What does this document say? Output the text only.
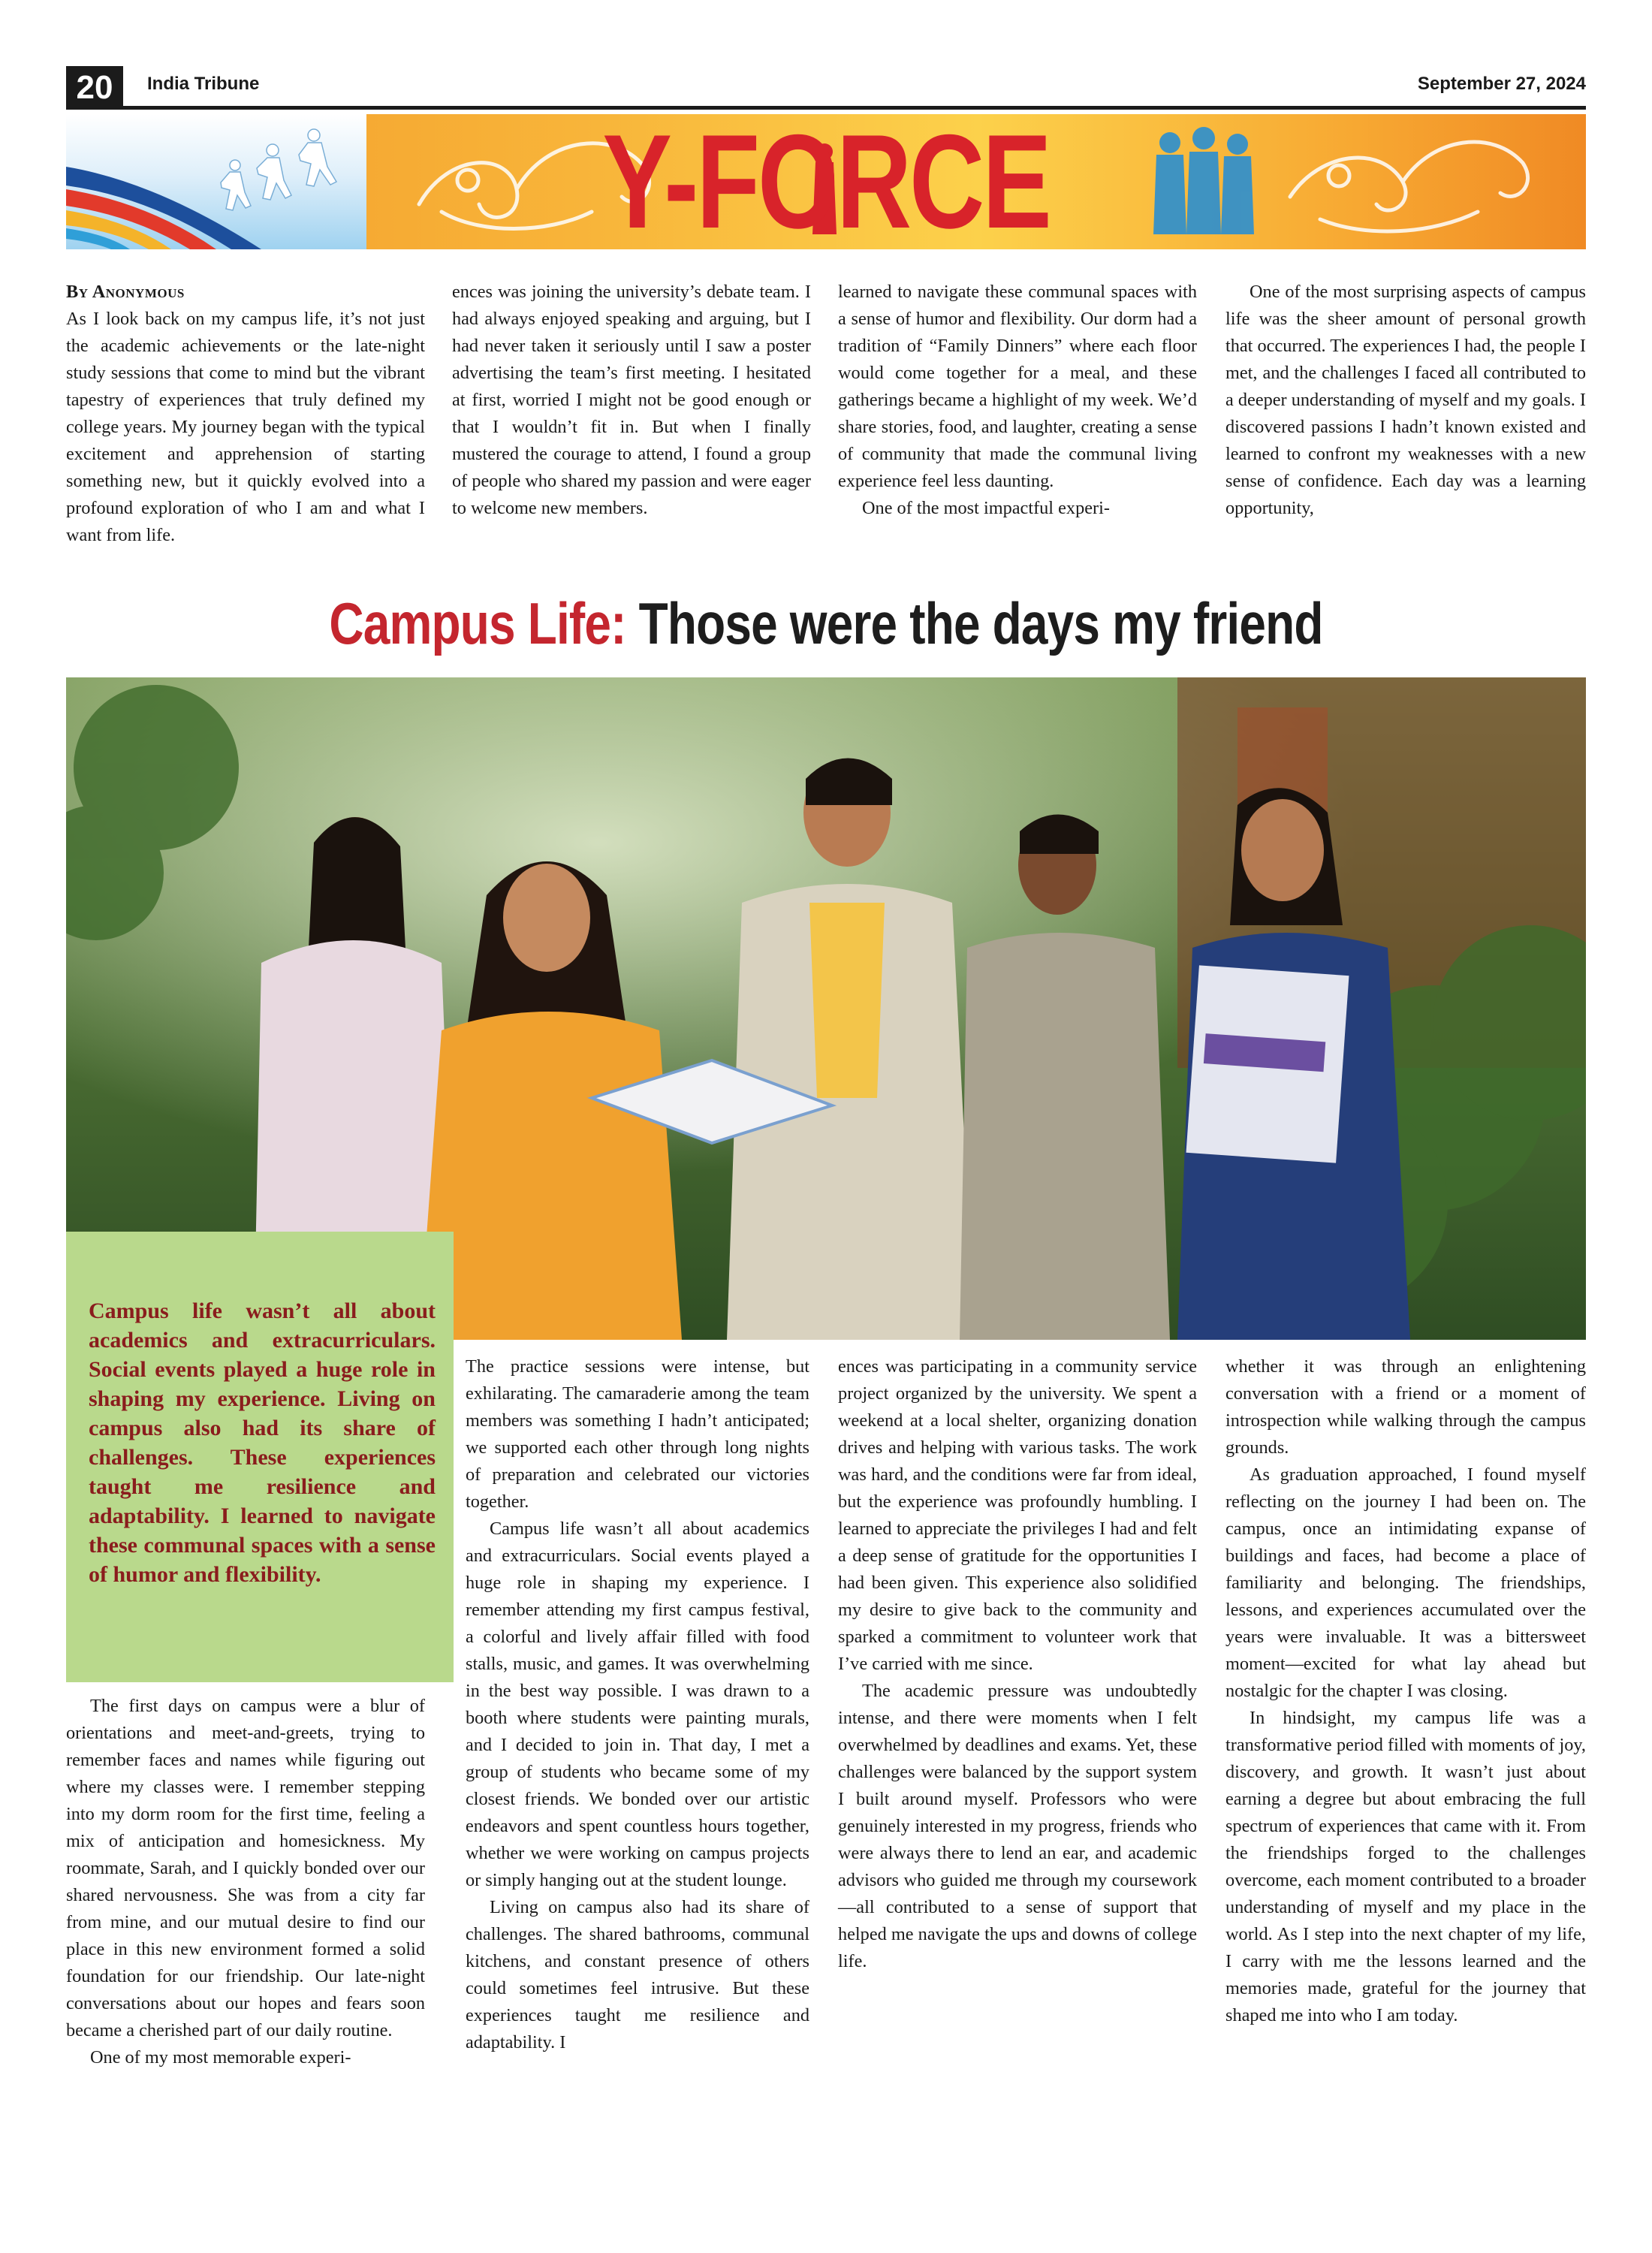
20	India Tribune	September 27, 2024
Y-FORCE

By Anonymous

As I look back on my campus life, it’s not just the academic achievements or the late-night study sessions that come to mind but the vibrant tapestry of experiences that truly defined my college years. My journey began with the typical excitement and apprehension of starting something new, but it quickly evolved into a profound exploration of who I am and what I want from life.

ences was joining the university’s debate team. I had always enjoyed speaking and arguing, but I had never taken it seriously until I saw a poster advertising the team’s first meeting. I hesitated at first, worried I might not be good enough or that I wouldn’t fit in. But when I finally mustered the courage to attend, I found a group of people who shared my passion and were eager to welcome new members.

learned to navigate these communal spaces with a sense of humor and flexibility. Our dorm had a tradition of “Family Dinners” where each floor would come together for a meal, and these gatherings became a highlight of my week. We’d share stories, food, and laughter, creating a sense of community that made the communal living experience feel less daunting.

One of the most impactful experi-

One of the most surprising aspects of campus life was the sheer amount of personal growth that occurred. The experiences I had, the people I met, and the challenges I faced all contributed to a deeper understanding of myself and my goals. I discovered passions I hadn’t known existed and learned to confront my weaknesses with a new sense of confidence. Each day was a learning opportunity,

Campus Life: Those were the days my friend
Campus life wasn’t all about academics and extracurriculars. Social events played a huge role in shaping my experience. Living on campus also had its share of challenges. These experiences taught me resilience and adaptability. I learned to navigate these communal spaces with a sense of humor and flexibility.

The first days on campus were a blur of orientations and meet-and-greets, trying to remember faces and names while figuring out where my classes were. I remember stepping into my dorm room for the first time, feeling a mix of anticipation and homesickness. My roommate, Sarah, and I quickly bonded over our shared nervousness. She was from a city far from mine, and our mutual desire to find our place in this new environment formed a solid foundation for our friendship. Our late-night conversations about our hopes and fears soon became a cherished part of our daily routine.

One of my most memorable experi-

The practice sessions were intense, but exhilarating. The camaraderie among the team members was something I hadn’t anticipated; we supported each other through long nights of preparation and celebrated our victories together.

Campus life wasn’t all about academics and extracurriculars. Social events played a huge role in shaping my experience. I remember attending my first campus festival, a colorful and lively affair filled with food stalls, music, and games. It was overwhelming in the best way possible. I was drawn to a booth where students were painting murals, and I decided to join in. That day, I met a group of students who became some of my closest friends. We bonded over our artistic endeavors and spent countless hours together, whether we were working on campus projects or simply hanging out at the student lounge.

Living on campus also had its share of challenges. The shared bathrooms, communal kitchens, and constant presence of others could sometimes feel intrusive. But these experiences taught me resilience and adaptability. I

ences was participating in a community service project organized by the university. We spent a weekend at a local shelter, organizing donation drives and helping with various tasks. The work was hard, and the conditions were far from ideal, but the experience was profoundly humbling. I learned to appreciate the privileges I had and felt a deep sense of gratitude for the opportunities I had been given. This experience also solidified my desire to give back to the community and sparked a commitment to volunteer work that I’ve carried with me since.

The academic pressure was undoubtedly intense, and there were moments when I felt overwhelmed by deadlines and exams. Yet, these challenges were balanced by the support system I built around myself. Professors who were genuinely interested in my progress, friends who were always there to lend an ear, and academic advisors who guided me through my coursework—all contributed to a sense of support that helped me navigate the ups and downs of college life.

whether it was through an enlightening conversation with a friend or a moment of introspection while walking through the campus grounds.

As graduation approached, I found myself reflecting on the journey I had been on. The campus, once an intimidating expanse of buildings and faces, had become a place of familiarity and belonging. The friendships, lessons, and experiences accumulated over the years were invaluable. It was a bittersweet moment—excited for what lay ahead but nostalgic for the chapter I was closing.

In hindsight, my campus life was a transformative period filled with moments of joy, discovery, and growth. It wasn’t just about earning a degree but about embracing the full spectrum of experiences that came with it. From the friendships forged to the challenges overcome, each moment contributed to a broader understanding of myself and my place in the world. As I step into the next chapter of my life, I carry with me the lessons learned and the memories made, grateful for the journey that shaped me into who I am today.
